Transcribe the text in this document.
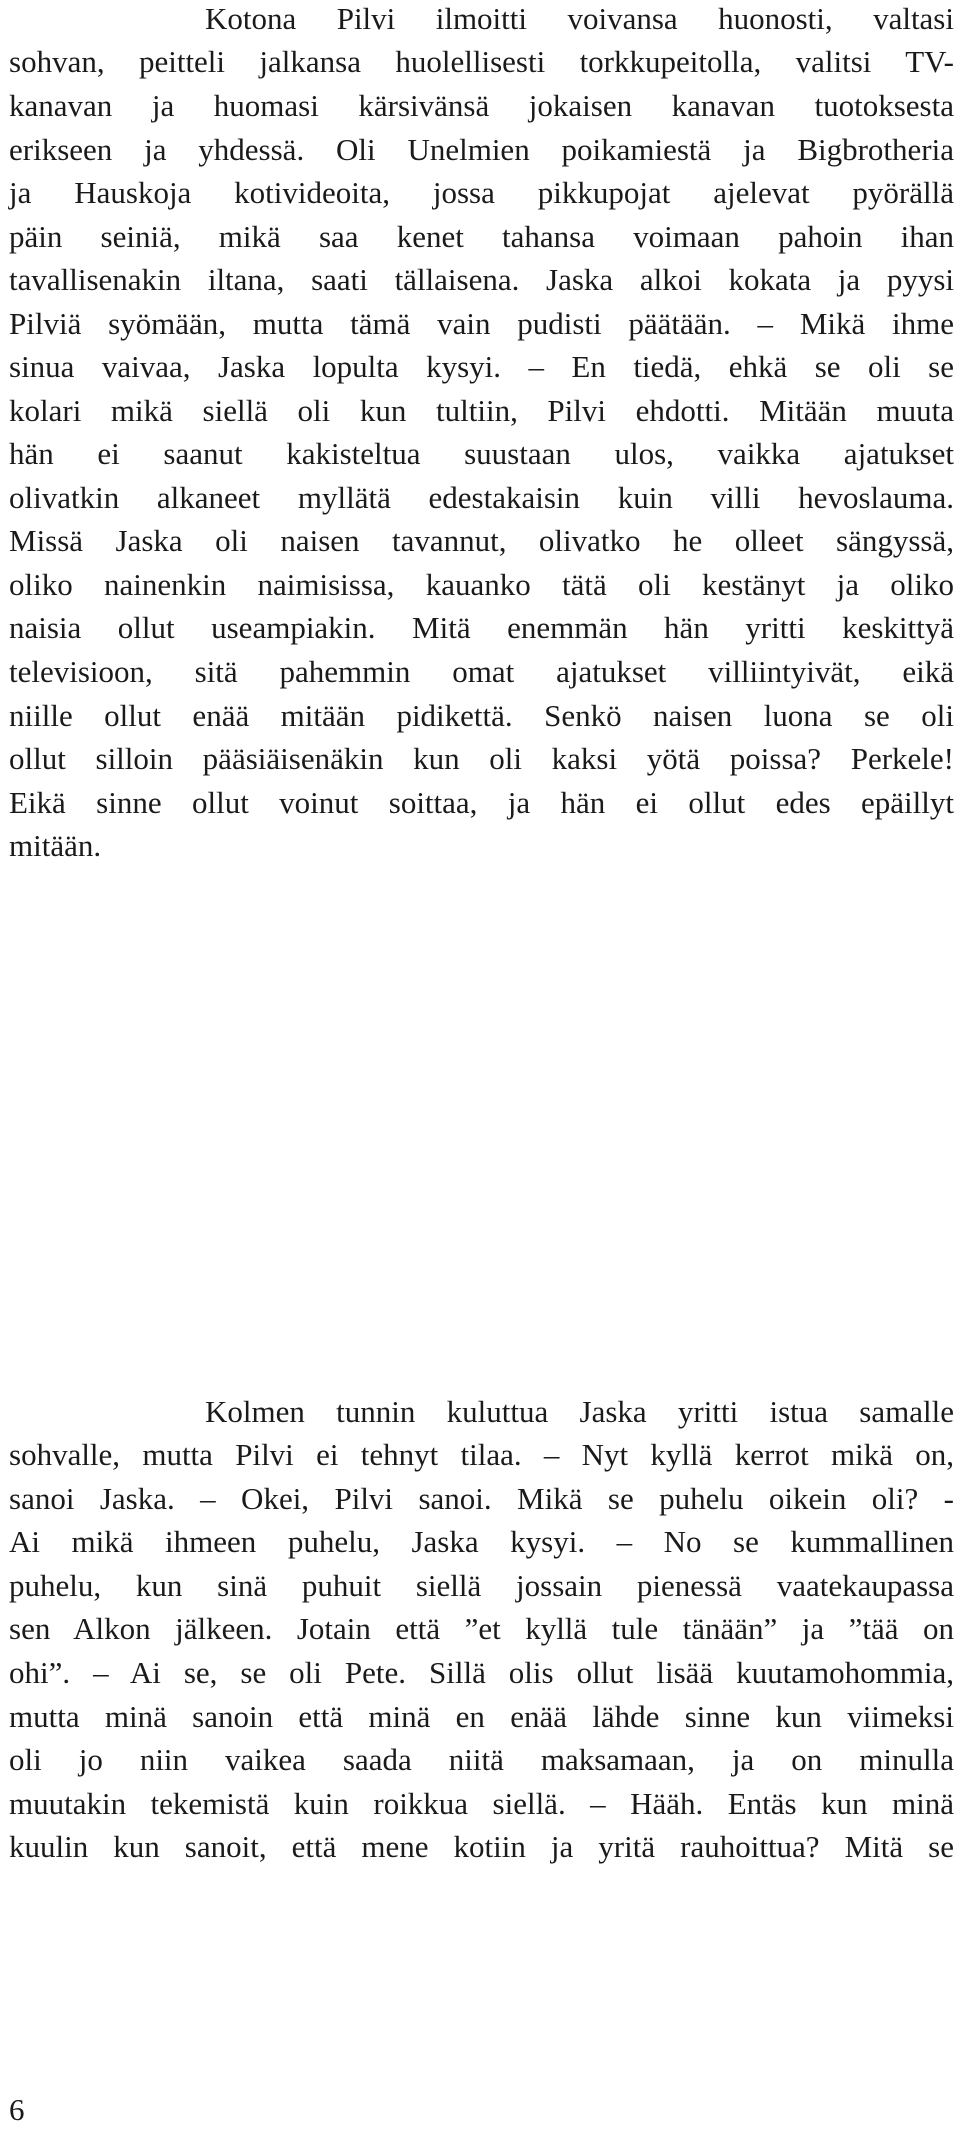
Kotona Pilvi ilmoitti voivansa huonosti, valtasi
sohvan, peitteli jalkansa huolellisesti torkkupeitolla, valitsi TV-
kanavan ja huomasi kärsivänsä jokaisen kanavan tuotoksesta
erikseen ja yhdessä. Oli Unelmien poikamiestä ja Bigbrotheria
ja Hauskoja kotivideoita, jossa pikkupojat ajelevat pyörällä
päin seiniä, mikä saa kenet tahansa voimaan pahoin ihan
tavallisenakin iltana, saati tällaisena. Jaska alkoi kokata ja pyysi
Pilviä syömään, mutta tämä vain pudisti päätään. – Mikä ihme
sinua vaivaa, Jaska lopulta kysyi. – En tiedä, ehkä se oli se
kolari mikä siellä oli kun tultiin, Pilvi ehdotti. Mitään muuta
hän ei saanut kakisteltua suustaan ulos, vaikka ajatukset
olivatkin alkaneet myllätä edestakaisin kuin villi hevoslauma.
Missä Jaska oli naisen tavannut, olivatko he olleet sängyssä,
oliko nainenkin naimisissa, kauanko tätä oli kestänyt ja oliko
naisia ollut useampiakin. Mitä enemmän hän yritti keskittyä
televisioon, sitä pahemmin omat ajatukset villiintyivät, eikä
niille ollut enää mitään pidikettä. Senkö naisen luona se oli
ollut silloin pääsiäisenäkin kun oli kaksi yötä poissa? Perkele!
Eikä sinne ollut voinut soittaa, ja hän ei ollut edes epäillyt
mitään.
Kolmen tunnin kuluttua Jaska yritti istua samalle
sohvalle, mutta Pilvi ei tehnyt tilaa. – Nyt kyllä kerrot mikä on,
sanoi Jaska. – Okei, Pilvi sanoi. Mikä se puhelu oikein oli? -
Ai mikä ihmeen puhelu, Jaska kysyi. – No se kummallinen
puhelu, kun sinä puhuit siellä jossain pienessä vaatekaupassa
sen Alkon jälkeen. Jotain että ”et kyllä tule tänään” ja ”tää on
ohi”. – Ai se, se oli Pete. Sillä olis ollut lisää kuutamohommia,
mutta minä sanoin että minä en enää lähde sinne kun viimeksi
oli jo niin vaikea saada niitä maksamaan, ja on minulla
muutakin tekemistä kuin roikkua siellä. – Hääh. Entäs kun minä
kuulin kun sanoit, että mene kotiin ja yritä rauhoittua? Mitä se
6
